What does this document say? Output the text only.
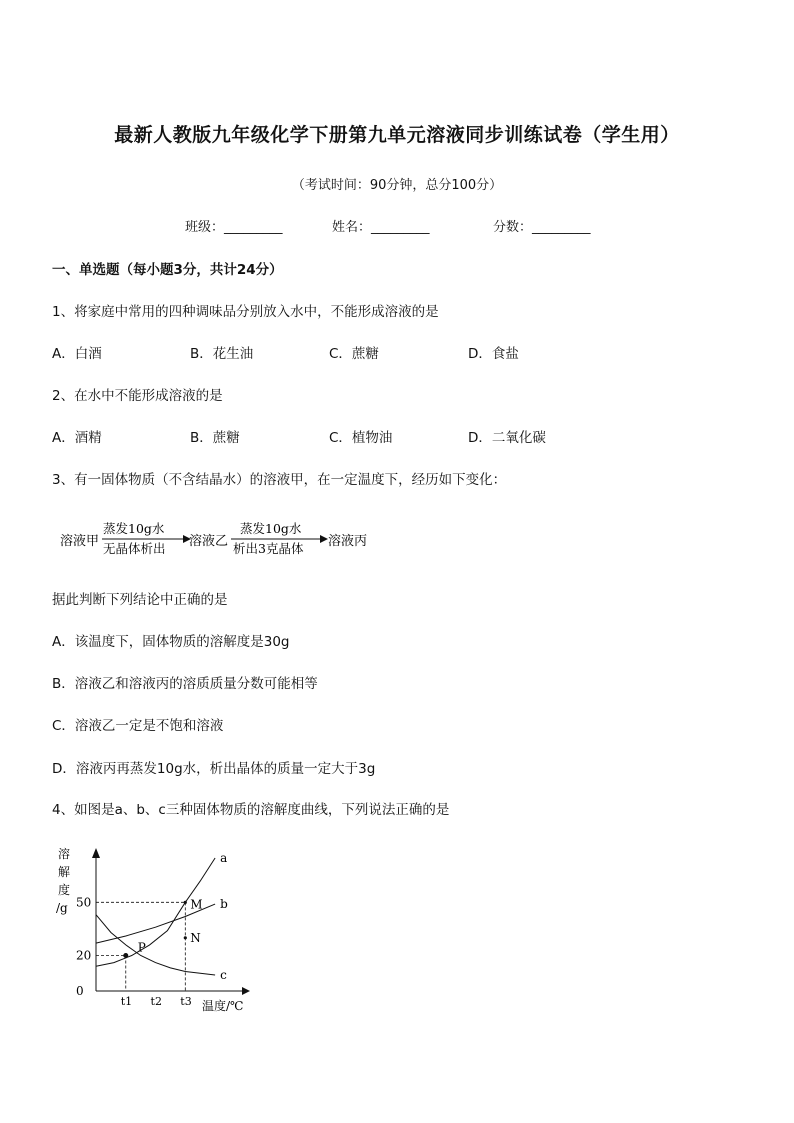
最新人教版九年级化学下册第九单元溶液同步训练试卷（学生用）
（考试时间：90分钟，总分100分）
班级：_________	姓名：_________	分数：_________
一、单选题（每小题3分，共计24分）
1、将家庭中常用的四种调味品分别放入水中，不能形成溶液的是
A．白酒	B．花生油	C．蔗糖	D．食盐
2、在水中不能形成溶液的是
A．酒精	B．蔗糖	C．植物油	D．二氧化碳
3、有一固体物质（不含结晶水）的溶液甲，在一定温度下，经历如下变化：
溶液甲
蒸发10g水
无晶体析出 溶液乙
蒸发10g水
析出3克晶体 溶液丙
据此判断下列结论中正确的是
A．该温度下，固体物质的溶解度是30g
B．溶液乙和溶液丙的溶质质量分数可能相等
C．溶液乙一定是不饱和溶液
D．溶液丙再蒸发10g水，析出晶体的质量一定大于3g
4、如图是a、b、c三种固体物质的溶解度曲线，下列说法正确的是
溶
解
度
/g
温度/℃
50
20
0
t1 t2 t3
a
b
c
P
M
N
